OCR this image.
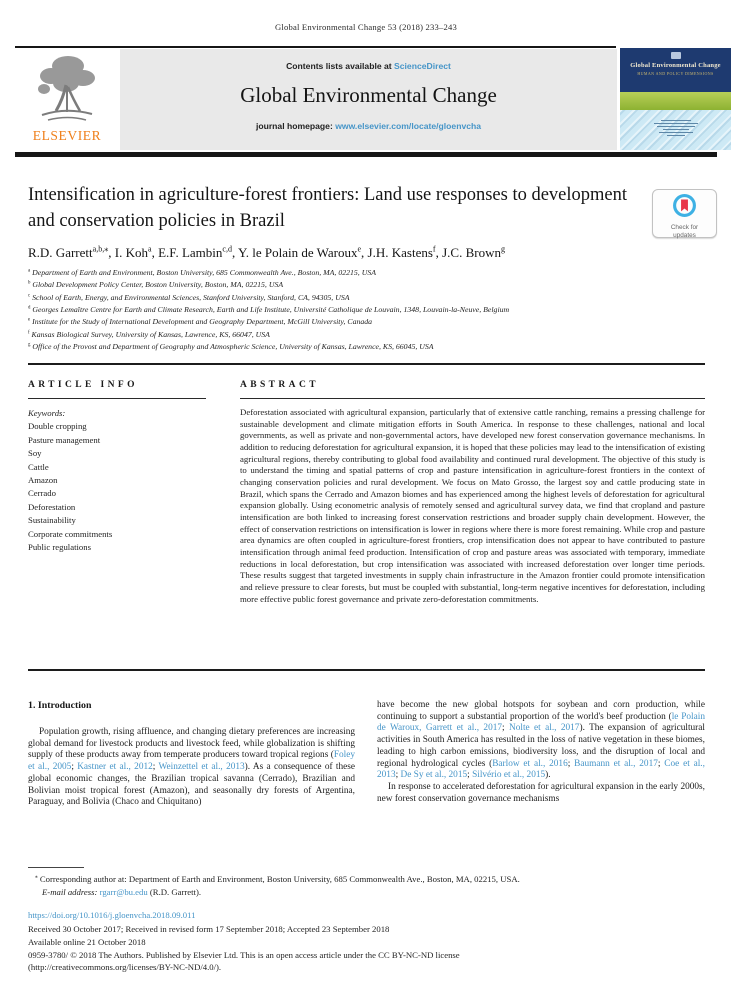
Global Environmental Change 53 (2018) 233–243
ELSEVIER
Contents lists available at ScienceDirect
Global Environmental Change
journal homepage: www.elsevier.com/locate/gloenvcha
Global Environmental Change
HUMAN AND POLICY DIMENSIONS
Intensification in agriculture-forest frontiers: Land use responses to development and conservation policies in Brazil	Check for
updates
R.D. Garrett$^{a,b,⁎}$, I. Koh$^a$, E.F. Lambin$^{c,d}$, Y. le Polain de Waroux$^e$, J.H. Kastens$^f$, J.C. Brown$^g$
$^a$ Department of Earth and Environment, Boston University, 685 Commonwealth Ave., Boston, MA, 02215, USA
$^b$ Global Development Policy Center, Boston University, Boston, MA, 02215, USA
$^c$ School of Earth, Energy, and Environmental Sciences, Stanford University, Stanford, CA, 94305, USA
$^d$ Georges Lemaître Centre for Earth and Climate Research, Earth and Life Institute, Université Catholique de Louvain, 1348, Louvain-la-Neuve, Belgium
$^e$ Institute for the Study of International Development and Geography Department, McGill University, Canada
$^f$ Kansas Biological Survey, University of Kansas, Lawrence, KS, 66047, USA
$^g$ Office of the Provost and Department of Geography and Atmospheric Science, University of Kansas, Lawrence, KS, 66045, USA
ARTICLE INFO	ABSTRACT
Keywords:
Double cropping
Pasture management
Soy
Cattle
Amazon
Cerrado
Deforestation
Sustainability
Corporate commitments
Public regulations
Deforestation associated with agricultural expansion, particularly that of extensive cattle ranching, remains a pressing challenge for sustainable development and climate mitigation efforts in South America. In response to these challenges, national and local governments, as well as private and non-governmental actors, have developed new forest conservation governance mechanisms. In addition to reducing deforestation for agricultural expansion, it is hoped that these policies may lead to the intensification of existing agricultural regions, thereby contributing to global food availability and continued rural development. The objective of this study is to understand the timing and spatial patterns of crop and pasture intensification in agriculture-forest frontiers in the context of changing conservation policies and rural development. We focus on Mato Grosso, the largest soy and cattle producing state in Brazil, which spans the Cerrado and Amazon biomes and has experienced among the highest levels of deforestation for agricultural expansion globally. Using econometric analysis of remotely sensed and agricultural survey data, we find that cropland and pasture intensification are both linked to increasing forest conservation restrictions and broader supply chain development. However, the effect of conservation restrictions on intensification is lower in regions where there is more forest remaining. While crop and pasture area dynamics are often coupled in agriculture-forest frontiers, crop intensification does not appear to have contributed to pasture intensification through animal feed production. Intensification of crop and pasture areas was associated with temporary, immediate reductions in local deforestation, but crop intensification was associated with increased deforestation over longer time periods. These results suggest that targeted investments in supply chain infrastructure in the Amazon frontier could promote intensification and relieve pressure to clear forests, but must be coupled with substantial, long-term negative incentives for deforestation, including more effective public forest governance and private zero-deforestation commitments.
1. Introduction

Population growth, rising affluence, and changing dietary preferences are increasing global demand for livestock products and livestock feed, while globalization is shifting supply of these products away from temperate producers toward tropical regions (Foley et al., 2005; Kastner et al., 2012; Weinzettel et al., 2013). As a consequence of these global economic changes, the Brazilian tropical savanna (Cerrado), Brazilian and Bolivian moist tropical forest (Amazon), and seasonally dry forests of Argentina, Paraguay, and Bolivia (Chaco and Chiquitano)

have become the new global hotspots for soybean and corn production, while continuing to support a substantial proportion of the world's beef production (le Polain de Waroux, Garrett et al., 2017; Nolte et al., 2017). The expansion of agricultural activities in South America has resulted in the loss of native vegetation in these biomes, leading to high carbon emissions, biodiversity loss, and the disruption of local and regional hydrological cycles (Barlow et al., 2016; Baumann et al., 2017; Coe et al., 2013; De Sy et al., 2015; Silvério et al., 2015).

In response to accelerated deforestation for agricultural expansion in the early 2000s, new forest conservation governance mechanisms

⁎ Corresponding author at: Department of Earth and Environment, Boston University, 685 Commonwealth Ave., Boston, MA, 02215, USA.
E-mail address: rgarr@bu.edu (R.D. Garrett).
https://doi.org/10.1016/j.gloenvcha.2018.09.011
Received 30 October 2017; Received in revised form 17 September 2018; Accepted 23 September 2018
Available online 21 October 2018
0959-3780/ © 2018 The Authors. Published by Elsevier Ltd. This is an open access article under the CC BY-NC-ND license
(http://creativecommons.org/licenses/BY-NC-ND/4.0/).
